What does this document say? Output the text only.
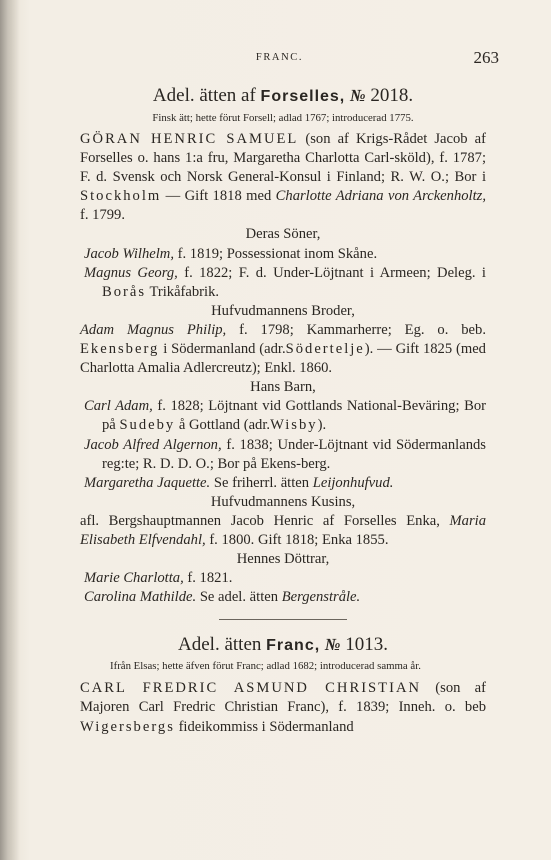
FRANC.	263
Adel. ätten af Forselles, № 2018.

Finsk ätt; hette förut Forsell; adlad 1767; introducerad 1775.

GÖRAN HENRIC SAMUEL (son af Krigs-Rådet Jacob af Forselles o. hans 1:a fru, Margaretha Charlotta Carl-sköld), f. 1787; F. d. Svensk och Norsk General-Konsul i Finland; R. W. O.; Bor i Stockholm — Gift 1818 med Charlotte Adriana von Arckenholtz, f. 1799.

Deras Söner,

Jacob Wilhelm, f. 1819; Possessionat inom Skåne.

Magnus Georg, f. 1822; F. d. Under-Löjtnant i Armeen; Deleg. i Borås Trikåfabrik.

Hufvudmannens Broder,

Adam Magnus Philip, f. 1798; Kammarherre; Eg. o. beb. Ekensberg i Södermanland (adr.Södertelje). — Gift 1825 (med Charlotta Amalia Adlercreutz); Enkl. 1860.

Hans Barn,

Carl Adam, f. 1828; Löjtnant vid Gottlands National-Beväring; Bor på Sudeby å Gottland (adr.Wisby).

Jacob Alfred Algernon, f. 1838; Under-Löjtnant vid Södermanlands reg:te; R. D. D. O.; Bor på Ekens-berg.

Margaretha Jaquette. Se friherrl. ätten Leijonhufvud.

Hufvudmannens Kusins,

afl. Bergshauptmannen Jacob Henric af Forselles Enka, Maria Elisabeth Elfvendahl, f. 1800. Gift 1818; Enka 1855.

Hennes Döttrar,

Marie Charlotta, f. 1821.

Carolina Mathilde. Se adel. ätten Bergenstråle.

Adel. ätten Franc, № 1013.

Ifrån Elsas; hette äfven förut Franc; adlad 1682; introducerad samma år.

CARL FREDRIC ASMUND CHRISTIAN (son af Majoren Carl Fredric Christian Franc), f. 1839; Inneh. o. beb Wigersbergs fideikommiss i Södermanland
